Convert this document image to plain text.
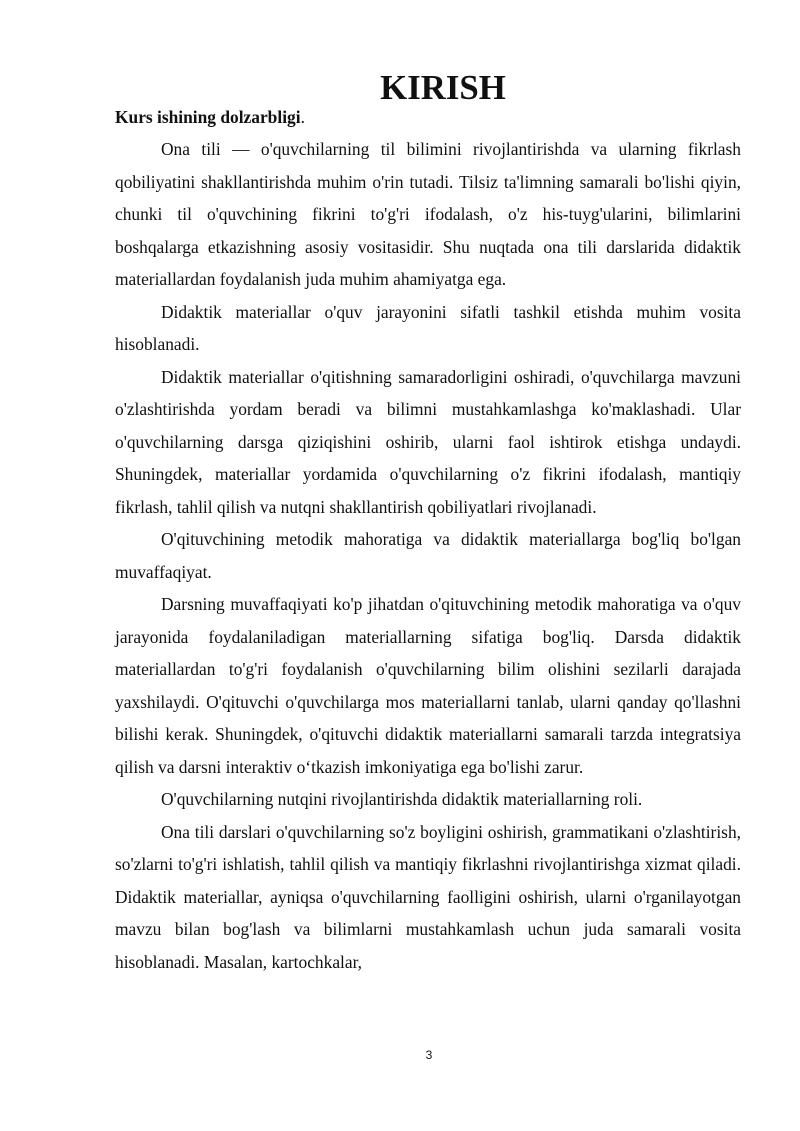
KIRISH
Kurs ishining dolzarbligi.

Ona tili — o'quvchilarning til bilimini rivojlantirishda va ularning fikrlash qobiliyatini shakllantirishda muhim o'rin tutadi. Tilsiz ta'limning samarali bo'lishi qiyin, chunki til o'quvchining fikrini to'g'ri ifodalash, o'z his-tuyg'ularini, bilimlarini boshqalarga etkazishning asosiy vositasidir. Shu nuqtada ona tili darslarida didaktik materiallardan foydalanish juda muhim ahamiyatga ega.

Didaktik materiallar o'quv jarayonini sifatli tashkil etishda muhim vosita hisoblanadi.

Didaktik materiallar o'qitishning samaradorligini oshiradi, o'quvchilarga mavzuni o'zlashtirishda yordam beradi va bilimni mustahkamlashga ko'maklashadi. Ular o'quvchilarning darsga qiziqishini oshirib, ularni faol ishtirok etishga undaydi. Shuningdek, materiallar yordamida o'quvchilarning o'z fikrini ifodalash, mantiqiy fikrlash, tahlil qilish va nutqni shakllantirish qobiliyatlari rivojlanadi.

O'qituvchining metodik mahoratiga va didaktik materiallarga bog'liq bo'lgan muvaffaqiyat.

Darsning muvaffaqiyati ko'p jihatdan o'qituvchining metodik mahoratiga va o'quv jarayonida foydalaniladigan materiallarning sifatiga bog'liq. Darsda didaktik materiallardan to'g'ri foydalanish o'quvchilarning bilim olishini sezilarli darajada yaxshilaydi. O'qituvchi o'quvchilarga mos materiallarni tanlab, ularni qanday qo'llashni bilishi kerak. Shuningdek, o'qituvchi didaktik materiallarni samarali tarzda integratsiya qilish va darsni interaktiv o‘tkazish imkoniyatiga ega bo'lishi zarur.

O'quvchilarning nutqini rivojlantirishda didaktik materiallarning roli.

Ona tili darslari o'quvchilarning so'z boyligini oshirish, grammatikani o'zlashtirish, so'zlarni to'g'ri ishlatish, tahlil qilish va mantiqiy fikrlashni rivojlantirishga xizmat qiladi. Didaktik materiallar, ayniqsa o'quvchilarning faolligini oshirish, ularni o'rganilayotgan mavzu bilan bog'lash va bilimlarni mustahkamlash uchun juda samarali vosita hisoblanadi. Masalan, kartochkalar,

3
